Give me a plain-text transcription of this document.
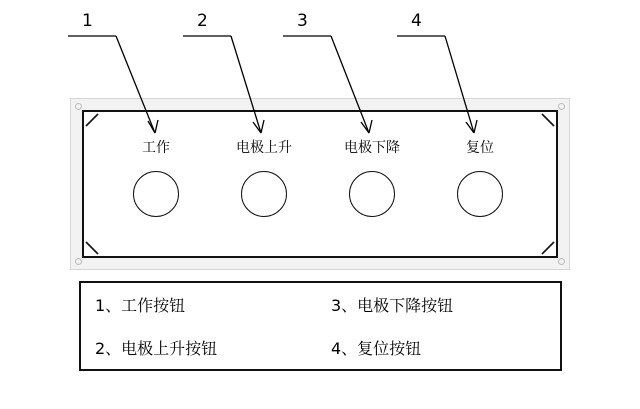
1	2	3	4
工作	电极上升	电极下降	复位
1、工作按钮	3、电极下降按钮
2、电极上升按钮	4、复位按钮
